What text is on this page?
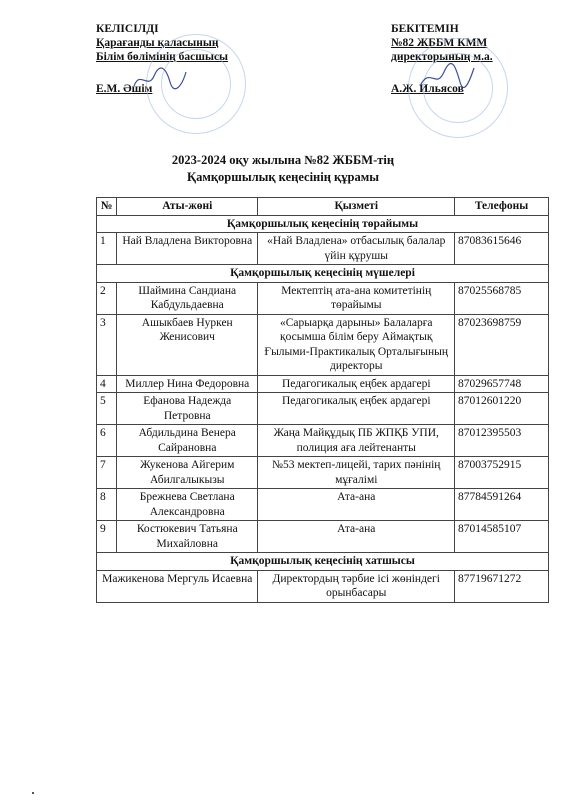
КЕЛІСІЛДІ
Қарағанды қаласының
Білім бөлімінің басшысы
Е.М. Әшім
БЕКІТЕМІН
№82 ЖББМ КММ
директорының м.а.
А.Ж. Ильясов
2023-2024 оқу жылына №82 ЖББМ-тің
Қамқоршылық кеңесінің құрамы
№	Аты-жөні	Қызметі	Телефоны
Қамқоршылық кеңесінің төрайымы			
1	Най Владлена Викторовна	«Най Владлена» отбасылық балалар үйін құрушы	87083615646
Қамқоршылық кеңесінің мүшелері			
2	Шаймина Сандиана Кабдульдаевна	Мектептің ата-ана комитетінің төрайымы	87025568785
3	Ашыкбаев Нуркен Женисович	«Сарыарқа дарыны» Балаларға қосымша білім беру Аймақтық Ғылыми-Практикалық Орталығының директоры	87023698759
4	Миллер Нина Федоровна	Педагогикалық еңбек ардагері	87029657748
5	Ефанова Надежда Петровна	Педагогикалық еңбек ардагері	87012601220
6	Абдильдина Венера Сайрановна	Жаңа Майқұдық ПБ ЖПҚБ УПИ, полиция аға лейтенанты	87012395503
7	Жукенова Айгерим Абилгалыкызы	№53 мектеп-лицейі, тарих пәнінің мұғалімі	87003752915
8	Брежнева Светлана Александровна	Ата-ана	87784591264
9	Костюкевич Татьяна Михайловна	Ата-ана	87014585107
Қамқоршылық кеңесінің хатшысы			
Мажикенова Мергуль Исаевна		Директордың тәрбие ісі жөніндегі орынбасары	87719671272
